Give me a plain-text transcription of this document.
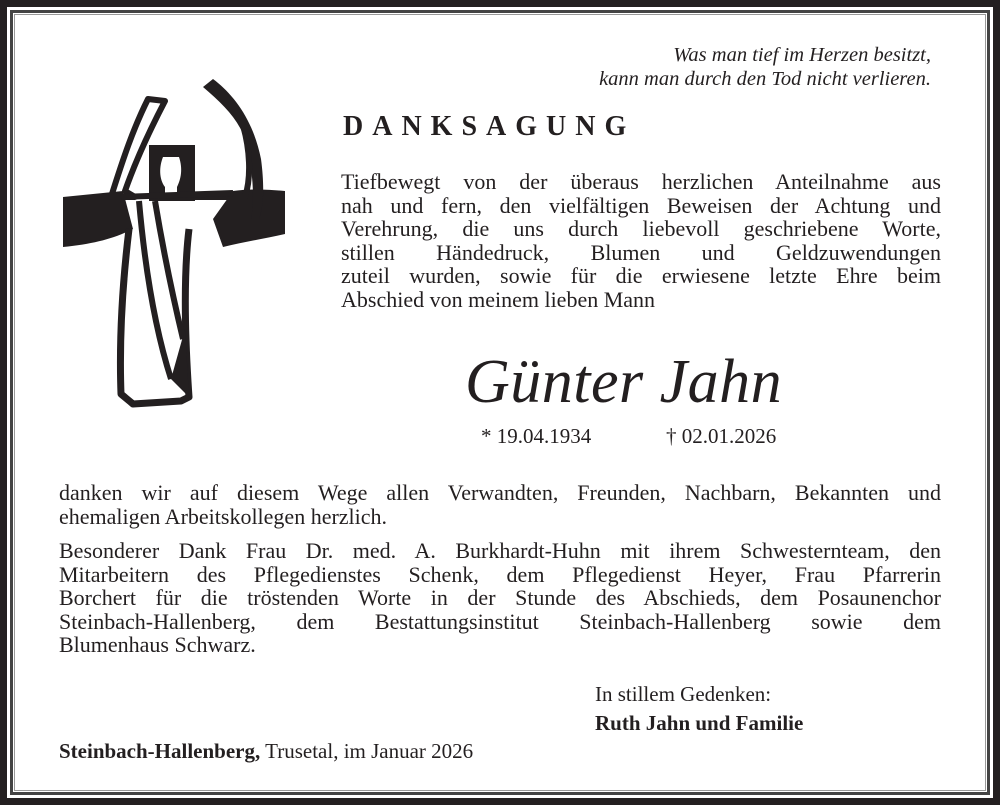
Was man tief im Herzen besitzt,
kann man durch den Tod nicht verlieren.
DANKSAGUNG
Tiefbewegt von der überaus herzlichen Anteilnahme aus
nah und fern, den vielfältigen Beweisen der Achtung und
Verehrung, die uns durch liebevoll geschriebene Worte,
stillen Händedruck, Blumen und Geldzuwendungen
zuteil wurden, sowie für die erwiesene letzte Ehre beim
Abschied von meinem lieben Mann
Günter Jahn
* 19.04.1934	† 02.01.2026
danken wir auf diesem Wege allen Verwandten, Freunden, Nachbarn, Bekannten und
ehemaligen Arbeitskollegen herzlich.
Besonderer Dank Frau Dr. med. A. Burkhardt-Huhn mit ihrem Schwesternteam, den
Mitarbeitern des Pflegedienstes Schenk, dem Pflegedienst Heyer, Frau Pfarrerin
Borchert für die tröstenden Worte in der Stunde des Abschieds, dem Posaunenchor
Steinbach-Hallenberg, dem Bestattungsinstitut Steinbach-Hallenberg sowie dem
Blumenhaus Schwarz.
In stillem Gedenken:
Ruth Jahn und Familie
Steinbach-Hallenberg, Trusetal, im Januar 2026
